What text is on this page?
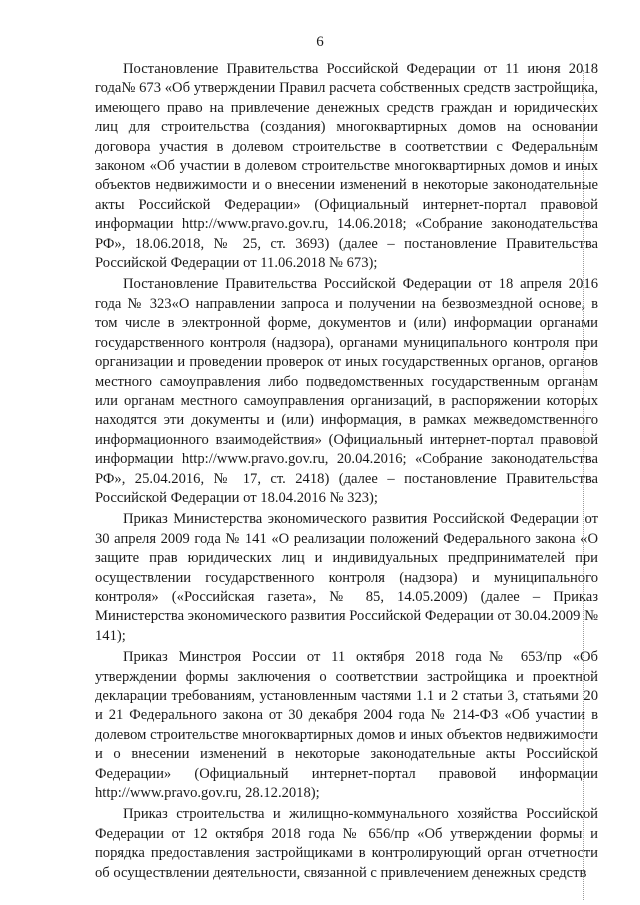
6

Постановление Правительства Российской Федерации от 11 июня 2018 года№ 673 «Об утверждении Правил расчета собственных средств застройщика, имеющего право на привлечение денежных средств граждан и юридических лиц для строительства (создания) многоквартирных домов на основании договора участия в долевом строительстве в соответствии с Федеральным законом «Об участии в долевом строительстве многоквартирных домов и иных объектов недвижимости и о внесении изменений в некоторые законодательные акты Российской Федерации» (Официальный интернет-портал правовой информации http://www.pravo.gov.ru, 14.06.2018; «Собрание законодательства РФ», 18.06.2018, № 25, ст. 3693) (далее – постановление Правительства Российской Федерации от 11.06.2018 № 673);

Постановление Правительства Российской Федерации от 18 апреля 2016 года № 323«О направлении запроса и получении на безвозмездной основе, в том числе в электронной форме, документов и (или) информации органами государственного контроля (надзора), органами муниципального контроля при организации и проведении проверок от иных государственных органов, органов местного самоуправления либо подведомственных государственным органам или органам местного самоуправления организаций, в распоряжении которых находятся эти документы и (или) информация, в рамках межведомственного информационного взаимодействия» (Официальный интернет-портал правовой информации http://www.pravo.gov.ru, 20.04.2016; «Собрание законодательства РФ», 25.04.2016, № 17, ст. 2418) (далее – постановление Правительства Российской Федерации от 18.04.2016 № 323);

Приказ Министерства экономического развития Российской Федерации от 30 апреля 2009 года № 141 «О реализации положений Федерального закона «О защите прав юридических лиц и индивидуальных предпринимателей при осуществлении государственного контроля (надзора) и муниципального контроля» («Российская газета», № 85, 14.05.2009) (далее – Приказ Министерства экономического развития Российской Федерации от 30.04.2009 № 141);

Приказ Минстроя России от 11 октября 2018 года№ 653/пр «Об утверждении формы заключения о соответствии застройщика и проектной декларации требованиям, установленным частями 1.1 и 2 статьи 3, статьями 20 и 21 Федерального закона от 30 декабря 2004 года № 214-ФЗ «Об участии в долевом строительстве многоквартирных домов и иных объектов недвижимости и о внесении изменений в некоторые законодательные акты Российской Федерации» (Официальный интернет-портал правовой информации http://www.pravo.gov.ru, 28.12.2018);

Приказ строительства и жилищно-коммунального хозяйства Российской Федерации от 12 октября 2018 года № 656/пр «Об утверждении формы и порядка предоставления застройщиками в контролирующий орган отчетности об осуществлении деятельности, связанной с привлечением денежных средств
